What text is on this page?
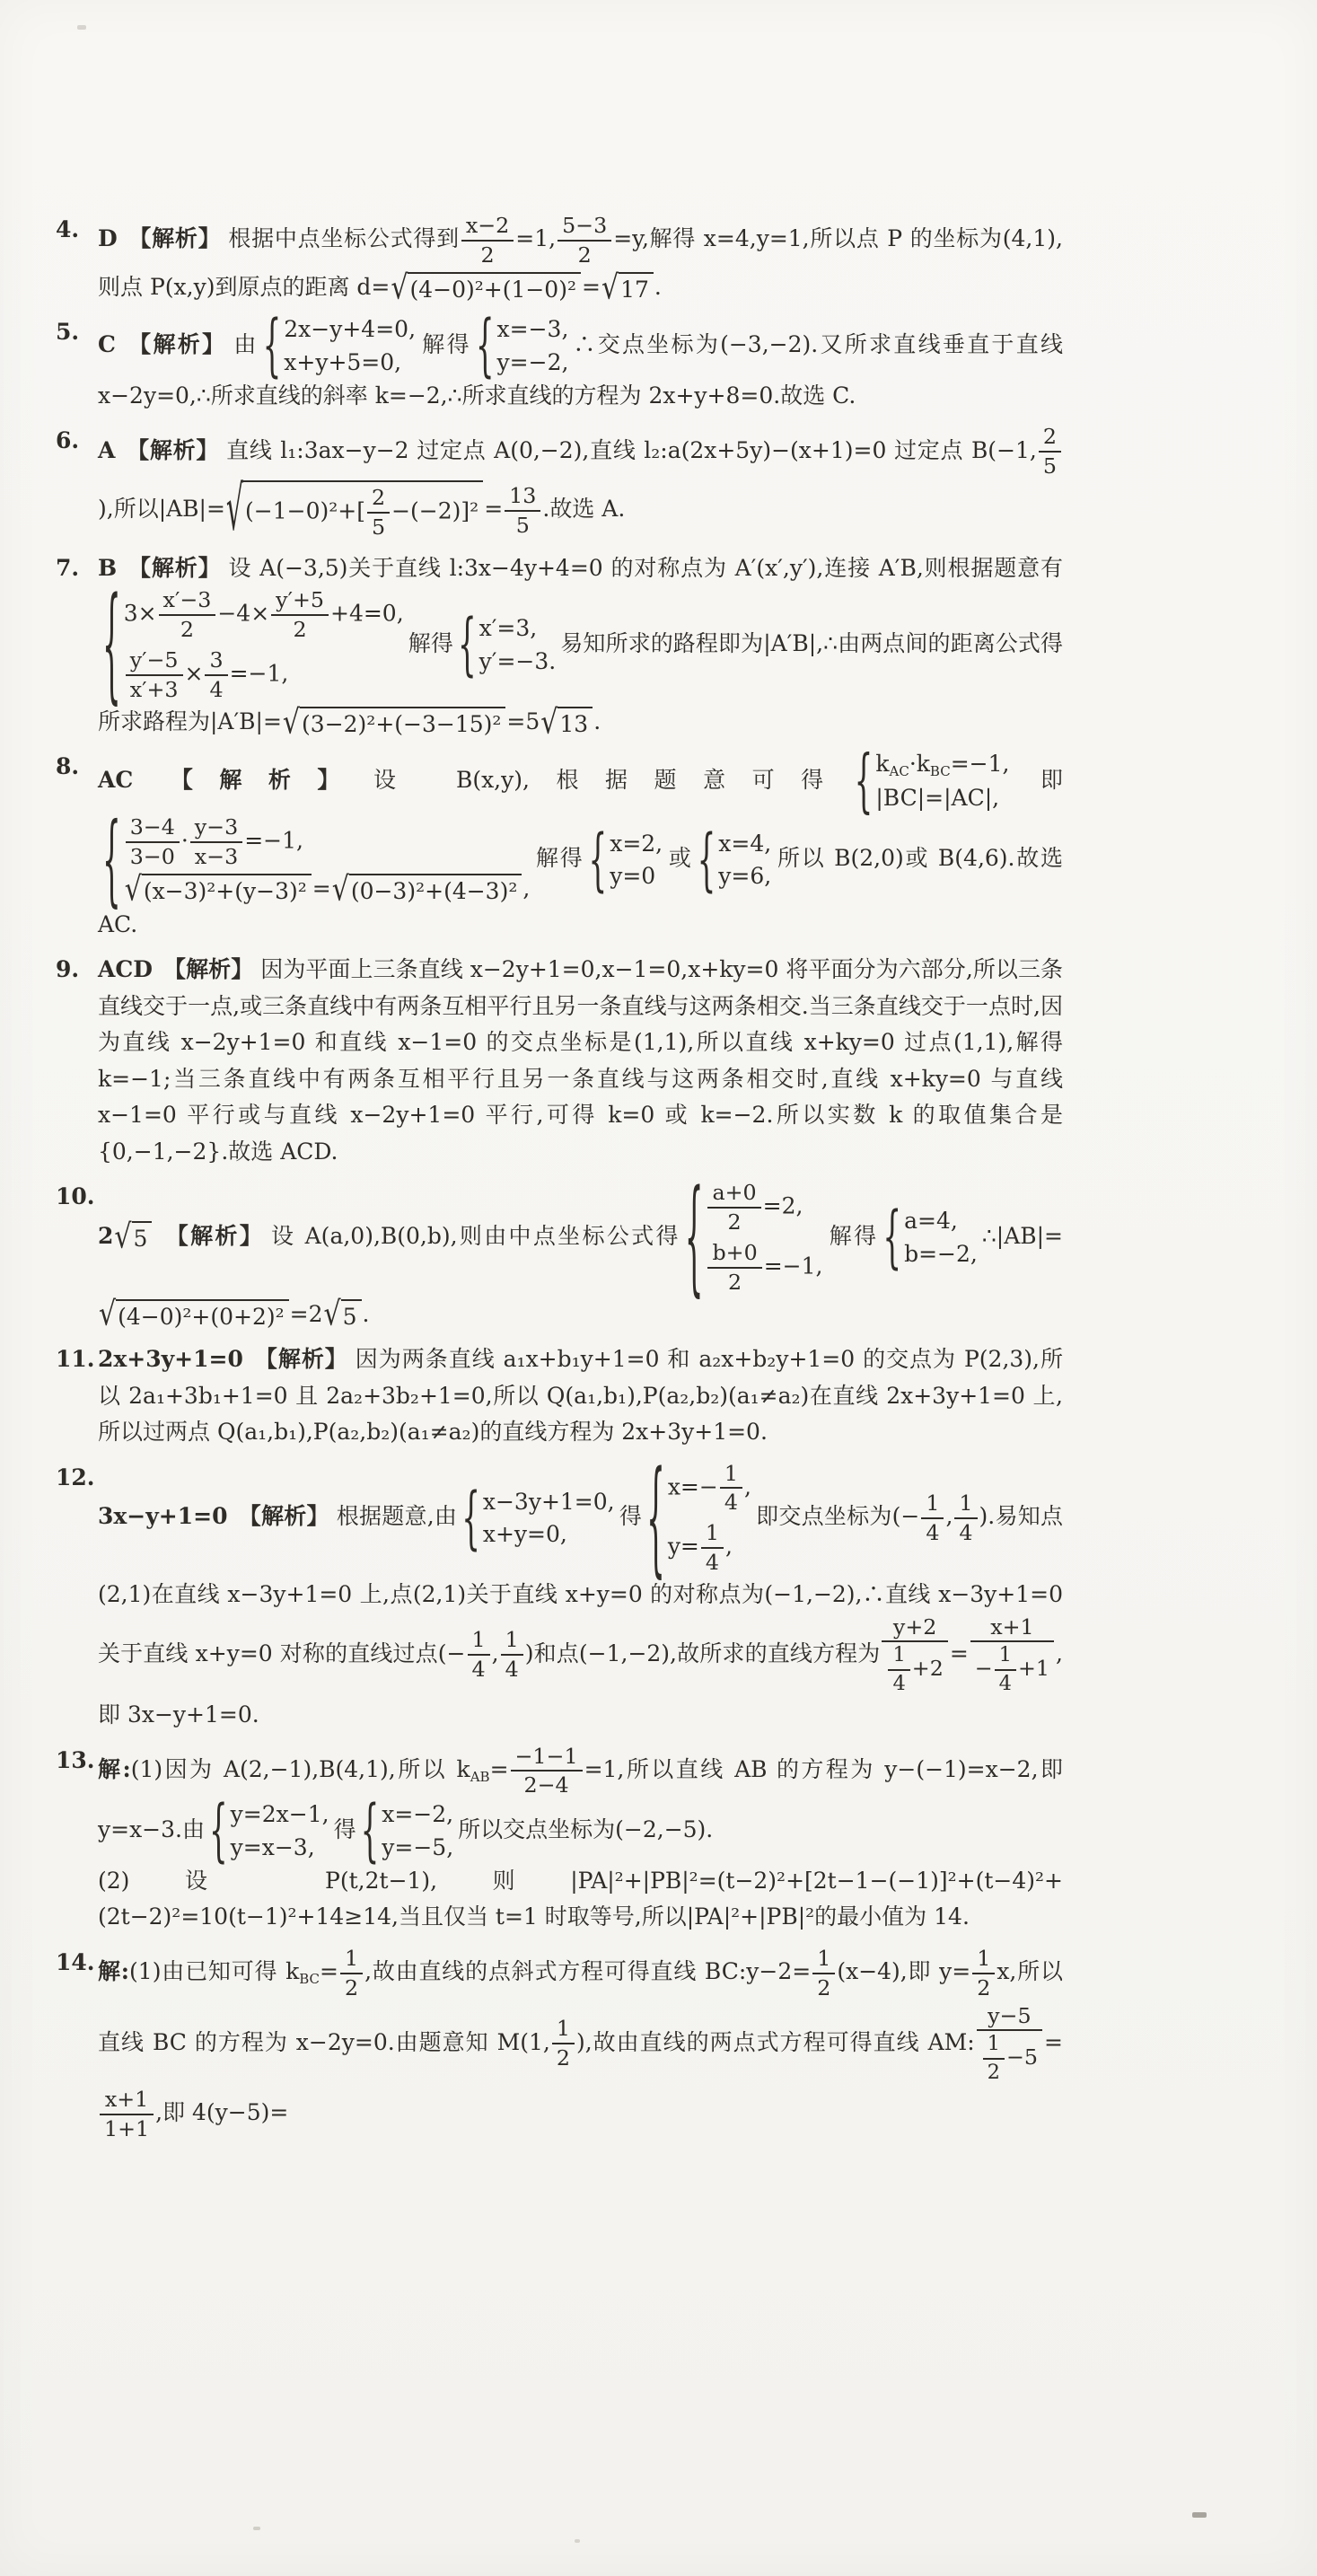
4. D 【解析】 根据中点坐标公式得到 $\frac{x-2}{2} =1$, $\frac{5-3}{2} =y$,解得 x=4,y=1,所以点 P 的坐标为(4,1),则点 P(x,y)到原点的距离 d= √ (4−0)²+(1−0)² = √ 17 .
5. C 【解析】 由 { 2x−y+4=0,
x+y+5=0,
解得 { x=−3,
y=−2,
∴交点坐标为(−3,−2).又所求直线垂直于直线 x−2y=0,∴所求直线的斜率 k=−2,∴所求直线的方程为 2x+y+8=0.故选 C.
6. A 【解析】 直线 l₁:3ax−y−2 过定点 A(0,−2),直线 l₂:a(2x+5y)−(x+1)=0 过定点 B(−1, $\frac{2}{5}$
),所以|AB|= √ $(-1-0)^2+[ \frac{2}{5} -(-2)]^2 = \frac{13}{5}$ .故选 A.
7. B 【解析】 设 A(−3,5)关于直线 l:3x−4y+4=0 的对称点为 A′(x′,y′),连接 A′B,则根据题意有
{ $3\times \frac{x'-3}{2} -4\times \frac{y'+5}{2} +4=0$,
$\frac{y'-5}{x'+3} \times \frac{3}{4} =-1$,
解得 { x′=3,
y′=−3.
易知所求的路程即为|A′B|,∴由两点间的距离公式得所求路程为|A′B|= √ (3−2)²+(−3−15)² =5 √ 13 .
8. AC 【解析】 设 B(x,y),根据题意可得 { $k_{AC}\cdot k_{BC}=-1$,
|BC|=|AC|,
即
{ $\frac{3-4}{3-0} \cdot \frac{y-3}{x-3} =-1$,
√ (x−3)²+(y−3)² = √ (0−3)²+(4−3)² ,
解得 { x=2,
y=0
或 { x=4,
y=6,
所以 B(2,0)或 B(4,6).故选 AC.
9. ACD 【解析】 因为平面上三条直线 x−2y+1=0,x−1=0,x+ky=0 将平面分为六部分,所以三条直线交于一点,或三条直线中有两条互相平行且另一条直线与这两条相交.当三条直线交于一点时,因为直线 x−2y+1=0 和直线 x−1=0 的交点坐标是(1,1),所以直线 x+ky=0 过点(1,1),解得 k=−1;当三条直线中有两条互相平行且另一条直线与这两条相交时,直线 x+ky=0 与直线 x−1=0 平行或与直线 x−2y+1=0 平行,可得 k=0 或 k=−2.所以实数 k 的取值集合是{0,−1,−2}.故选 ACD.
10.
2 √ 5 【解析】 设 A(a,0),B(0,b),则由中点坐标公式得 { $\frac{a+0}{2} =2$,
$\frac{b+0}{2} =-1$,
解得 { a=4,
b=−2,
∴|AB|=
√ (4−0)²+(0+2)² =2 √ 5 .
11. 2x+3y+1=0 【解析】 因为两条直线 a₁x+b₁y+1=0 和 a₂x+b₂y+1=0 的交点为 P(2,3),所以 2a₁+3b₁+1=0 且 2a₂+3b₂+1=0,所以 Q(a₁,b₁),P(a₂,b₂)(a₁≠a₂)在直线 2x+3y+1=0 上,所以过两点 Q(a₁,b₁),P(a₂,b₂)(a₁≠a₂)的直线方程为 2x+3y+1=0.
12.
3x−y+1=0 【解析】 根据题意,由 { x−3y+1=0,
x+y=0,
得 { $x=- \frac{1}{4}$ ,
$y= \frac{1}{4}$ ,
即交点坐标为(− $\frac{1}{4}$ , $\frac{1}{4}$ ).易知点(2,1)在直线 x−3y+1=0 上,点(2,1)关于直线 x+y=0 的对称点为(−1,−2),∴直线 x−3y+1=0 关于直线 x+y=0 对称的直线过点(− $\frac{1}{4}$ , $\frac{1}{4}$ )和点(−1,−2),故所求的直线方程为 $\frac{y+2}{\frac{1}{4} +2} = \frac{x+1}{- \frac{1}{4} +1}$ ,即 3x−y+1=0.
13. 解:(1)因为 A(2,−1),B(4,1),所以 $k_{AB}= \frac{-1-1}{2-4} =1$,所以直线 AB 的方程为 y−(−1)=x−2,即 y=x−3.由 { y=2x−1,
y=x−3,
得 { x=−2,
y=−5,
所以交点坐标为(−2,−5).
(2)设 P(t,2t−1),则|PA|²+|PB|²=(t−2)²+[2t−1−(−1)]²+(t−4)²+(2t−2)²=10(t−1)²+14≥14,当且仅当 t=1 时取等号,所以|PA|²+|PB|²的最小值为 14.
14. 解:(1)由已知可得 $k_{BC}= \frac{1}{2}$ ,故由直线的点斜式方程可得直线 BC:y−2= $\frac{1}{2} (x-4)$,即 $y= \frac{1}{2} x$,所以直线 BC 的方程为 x−2y=0.由题意知 M(1, $\frac{1}{2}$ ),故由直线的两点式方程可得直线 AM: $\frac{y-5}{\frac{1}{2} -5}$ =
$\frac{x+1}{1+1}$ ,即 4(y−5)=
